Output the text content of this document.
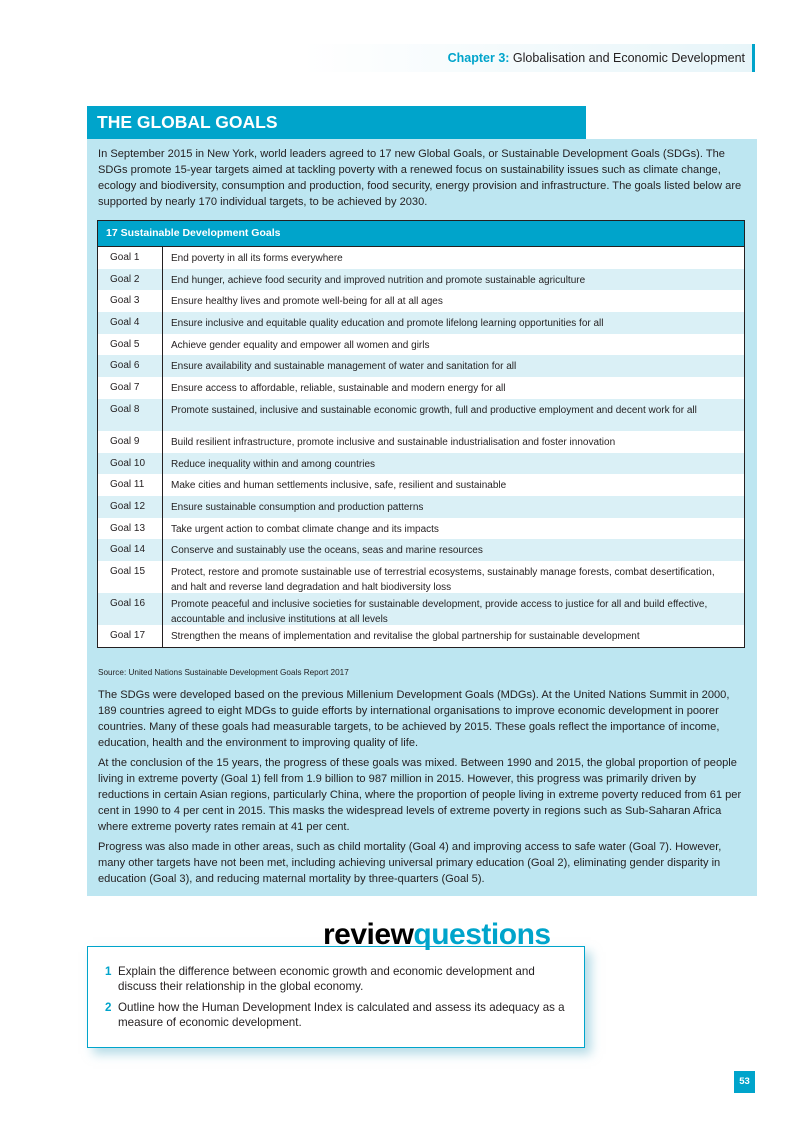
Chapter 3: Globalisation and Economic Development
THE GLOBAL GOALS

In September 2015 in New York, world leaders agreed to 17 new Global Goals, or Sustainable Development Goals (SDGs). The SDGs promote 15-year targets aimed at tackling poverty with a renewed focus on sustainability issues such as climate change, ecology and biodiversity, consumption and production, food security, energy provision and infrastructure. The goals listed below are supported by nearly 170 individual targets, to be achieved by 2030.

17 Sustainable Development Goals
Goal 1	End poverty in all its forms everywhere
Goal 2	End hunger, achieve food security and improved nutrition and promote sustainable agriculture
Goal 3	Ensure healthy lives and promote well-being for all at all ages
Goal 4	Ensure inclusive and equitable quality education and promote lifelong learning opportunities for all
Goal 5	Achieve gender equality and empower all women and girls
Goal 6	Ensure availability and sustainable management of water and sanitation for all
Goal 7	Ensure access to affordable, reliable, sustainable and modern energy for all
Goal 8	Promote sustained, inclusive and sustainable economic growth, full and productive employment and decent work for all
Goal 9	Build resilient infrastructure, promote inclusive and sustainable industrialisation and foster innovation
Goal 10	Reduce inequality within and among countries
Goal 11	Make cities and human settlements inclusive, safe, resilient and sustainable
Goal 12	Ensure sustainable consumption and production patterns
Goal 13	Take urgent action to combat climate change and its impacts
Goal 14	Conserve and sustainably use the oceans, seas and marine resources
Goal 15	Protect, restore and promote sustainable use of terrestrial ecosystems, sustainably manage forests, combat desertification, and halt and reverse land degradation and halt biodiversity loss
Goal 16	Promote peaceful and inclusive societies for sustainable development, provide access to justice for all and build effective, accountable and inclusive institutions at all levels
Goal 17	Strengthen the means of implementation and revitalise the global partnership for sustainable development

Source: United Nations Sustainable Development Goals Report 2017

The SDGs were developed based on the previous Millenium Development Goals (MDGs). At the United Nations Summit in 2000, 189 countries agreed to eight MDGs to guide efforts by international organisations to improve economic development in poorer countries. Many of these goals had measurable targets, to be achieved by 2015. These goals reflect the importance of income, education, health and the environment to improving quality of life.

At the conclusion of the 15 years, the progress of these goals was mixed. Between 1990 and 2015, the global proportion of people living in extreme poverty (Goal 1) fell from 1.9 billion to 987 million in 2015. However, this progress was primarily driven by reductions in certain Asian regions, particularly China, where the proportion of people living in extreme poverty reduced from 61 per cent in 1990 to 4 per cent in 2015. This masks the widespread levels of extreme poverty in regions such as Sub-Saharan Africa where extreme poverty rates remain at 41 per cent.

Progress was also made in other areas, such as child mortality (Goal 4) and improving access to safe water (Goal 7). However, many other targets have not been met, including achieving universal primary education (Goal 2), eliminating gender disparity in education (Goal 3), and reducing maternal mortality by three-quarters (Goal 5).

1 Explain the difference between economic growth and economic development and discuss their relationship in the global economy.
2 Outline how the Human Development Index is calculated and assess its adequacy as a measure of economic development.
reviewquestions
53
